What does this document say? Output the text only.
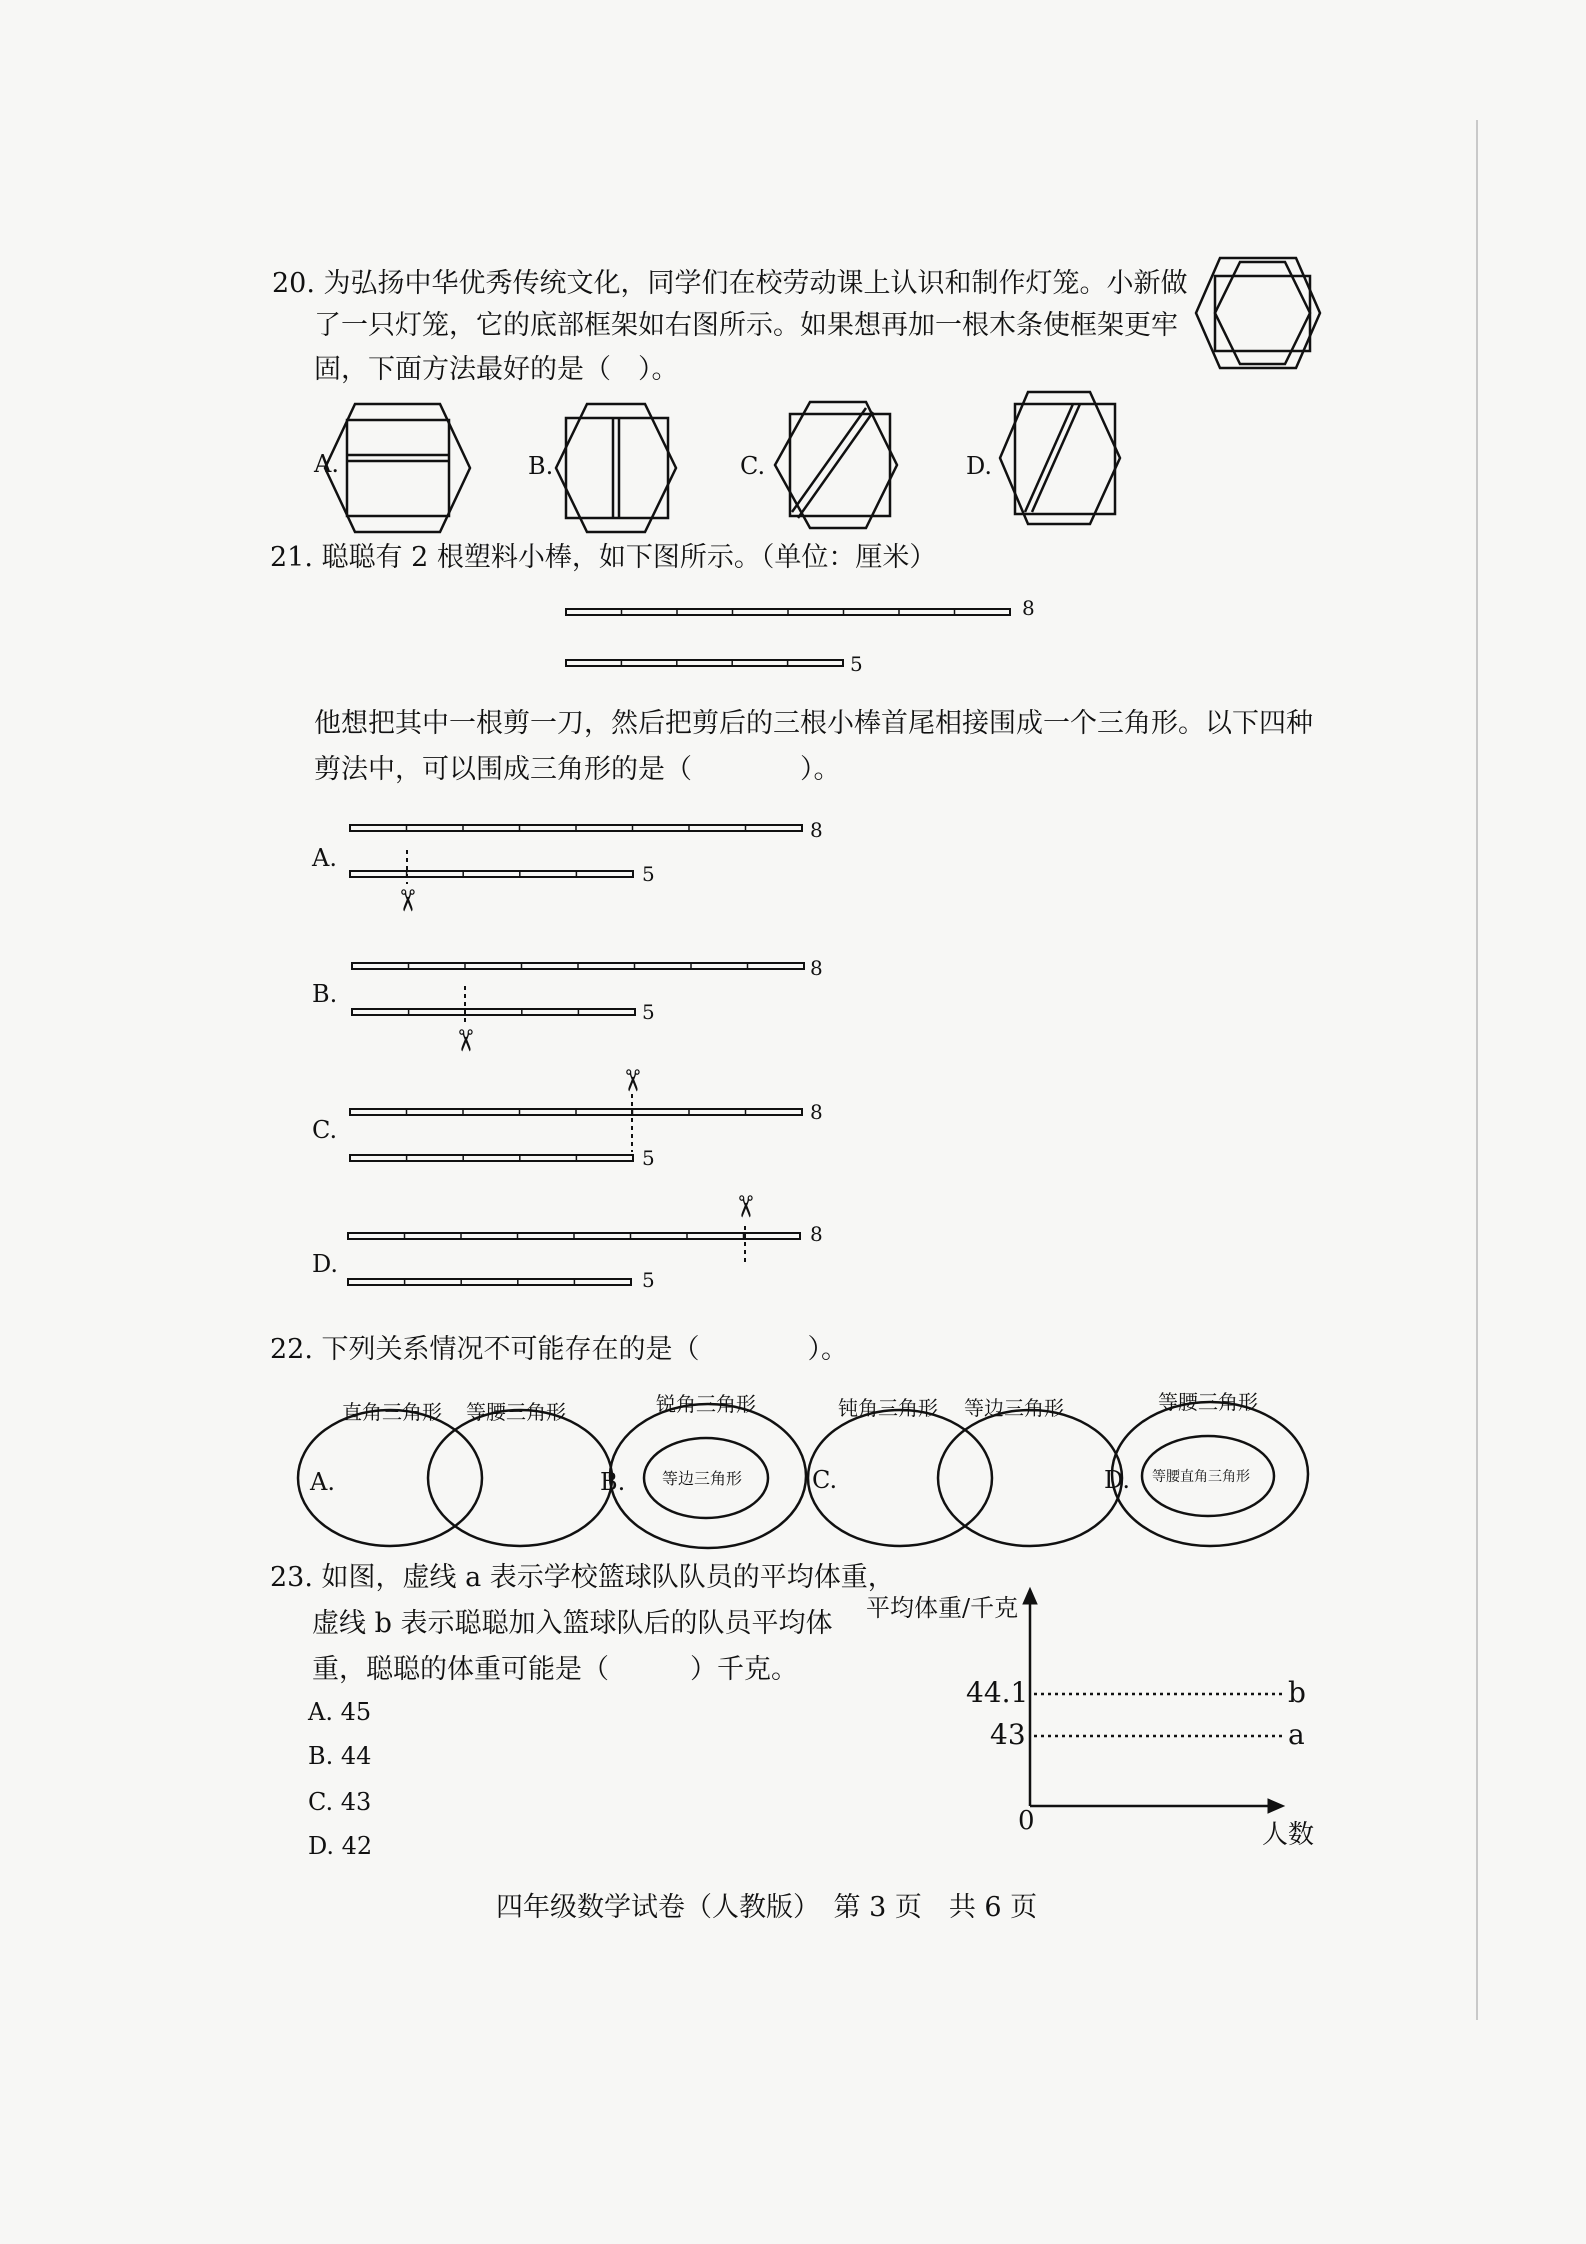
20. 为弘扬中华优秀传统文化，同学们在校劳动课上认识和制作灯笼。小新做
了一只灯笼，它的底部框架如右图所示。如果想再加一根木条使框架更牢
固，下面方法最好的是（　）。
✂
✂
✂
✂
A.	B.	C.	D.
21. 聪聪有 2 根塑料小棒，如下图所示。（单位：厘米）
他想把其中一根剪一刀，然后把剪后的三根小棒首尾相接围成一个三角形。以下四种
剪法中，可以围成三角形的是（　　　　）。
8
5
A.
8
5
B.
8
5
C.
8
5
D.
8
5
22. 下列关系情况不可能存在的是（　　　　）。
A.
直角三角形 等腰三角形
B.
锐角三角形
等边三角形	C.
钝角三角形 等边三角形
D.
等腰三角形
等腰直角三角形
23. 如图，虚线 a 表示学校篮球队队员的平均体重，
虚线 b 表示聪聪加入篮球队后的队员平均体
重，聪聪的体重可能是（　　　）千克。
A. 45
B. 44
C. 43
D. 42
平均体重/千克
人数
0
44.1
43
b
a
四年级数学试卷（人教版）　第 3 页　共 6 页
